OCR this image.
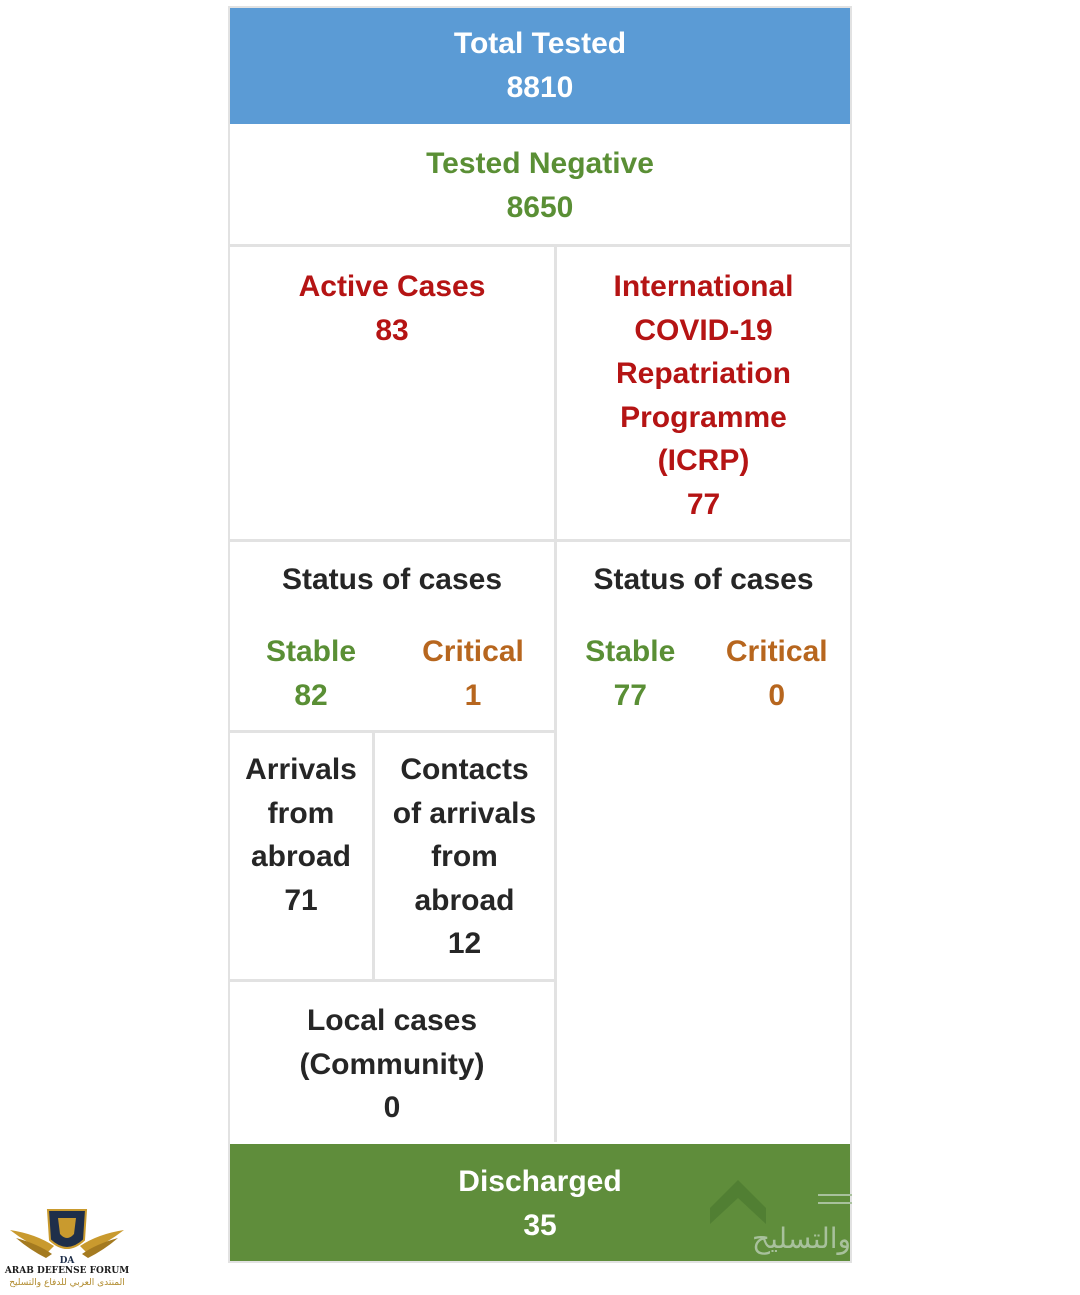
Total Tested
8810
Tested Negative
8650
Active Cases
83
International
COVID-19
Repatriation
Programme
(ICRP)
77
Status of cases
Stable
82
Critical
1
Status of cases
Stable
77
Critical
0
Arrivals
from
abroad
71
Contacts
of arrivals
from
abroad
12
Local cases
(Community)
0
Discharged
35	والتسليح
DA
ARAB DEFENSE FORUM
المنتدى العربي للدفاع والتسليح
